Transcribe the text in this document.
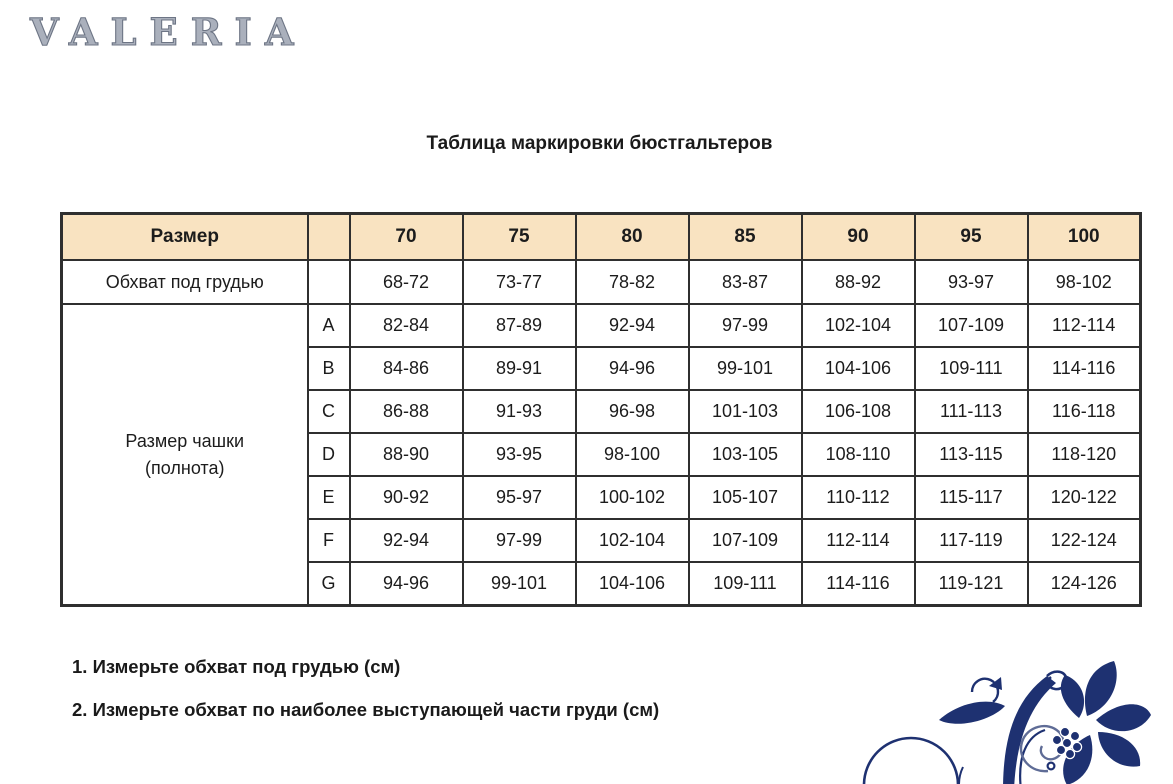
VALERIA
Таблица маркировки бюстгальтеров
Размер		70	75	80	85	90	95	100
Обхват под грудью		68-72	73-77	78-82	83-87	88-92	93-97	98-102
Размер чашки
(полнота)	A	82-84	87-89	92-94	97-99	102-104	107-109	112-114
	B	84-86	89-91	94-96	99-101	104-106	109-111	114-116
	C	86-88	91-93	96-98	101-103	106-108	111-113	116-118
	D	88-90	93-95	98-100	103-105	108-110	113-115	118-120
	E	90-92	95-97	100-102	105-107	110-112	115-117	120-122
	F	92-94	97-99	102-104	107-109	112-114	117-119	122-124
	G	94-96	99-101	104-106	109-111	114-116	119-121	124-126
1. Измерьте обхват под грудью (см)
2. Измерьте обхват по наиболее выступающей части груди (см)
